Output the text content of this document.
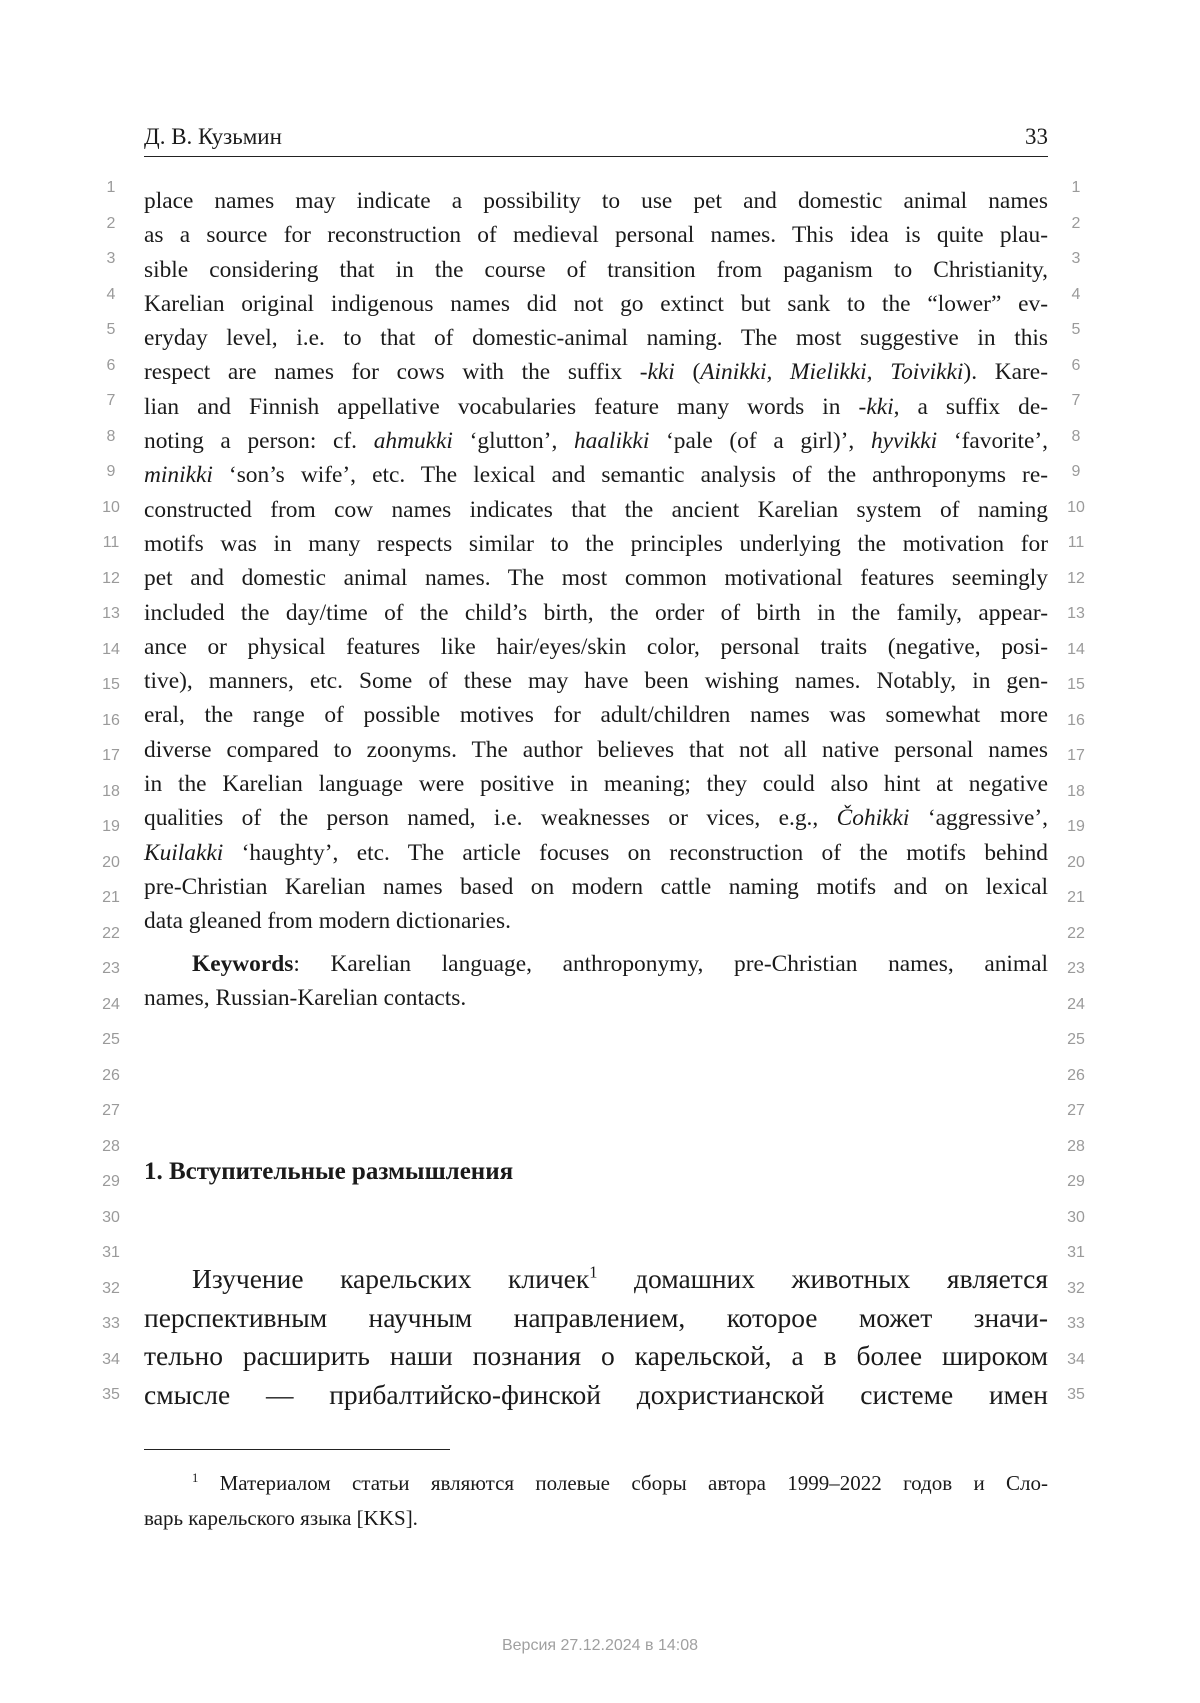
Д. В. Кузьмин	33
1
2
3
4
5
6
7
8
9
10
11
12
13
14
15
16
17
18
19
20
21
22
23
24
25
26
27
28
29
30
31
32
33
34
35
1
2
3
4
5
6
7
8
9
10
11
12
13
14
15
16
17
18
19
20
21
22
23
24
25
26
27
28
29
30
31
32
33
34
35
place names may indicate a possibility to use pet and domestic animal names
as a source for reconstruction of medieval personal names. This idea is quite plau-
sible considering that in the course of transition from paganism to Christianity,
Karelian original indigenous names did not go extinct but sank to the “lower” ev-
eryday level, i.e. to that of domestic-animal naming. The most suggestive in this
respect are names for cows with the suffix -kki (Ainikki, Mielikki, Toivikki). Kare-
lian and Finnish appellative vocabularies feature many words in -kki, a suffix de-
noting a person: cf. ahmukki ‘glutton’, haalikki ‘pale (of a girl)’, hyvikki ‘favorite’,
minikki ‘son’s wife’, etc. The lexical and semantic analysis of the anthroponyms re-
constructed from cow names indicates that the ancient Karelian system of naming
motifs was in many respects similar to the principles underlying the motivation for
pet and domestic animal names. The most common motivational features seemingly
included the day/time of the child’s birth, the order of birth in the family, appear-
ance or physical features like hair/eyes/skin color, personal traits (negative, posi-
tive), manners, etc. Some of these may have been wishing names. Notably, in gen-
eral, the range of possible motives for adult/children names was somewhat more
diverse compared to zoonyms. The author believes that not all native personal names
in the Karelian language were positive in meaning; they could also hint at negative
qualities of the person named, i.e. weaknesses or vices, e.g., Čohikki ‘aggressive’,
Kuilakki ‘haughty’, etc. The article focuses on reconstruction of the motifs behind
pre-Christian Karelian names based on modern cattle naming motifs and on lexical
data gleaned from modern dictionaries.
Keywords: Karelian language, anthroponymy, pre-Christian names, animal
names, Russian-Karelian contacts.
1. Вступительные размышления
Изучение карельских кличек$^1$ домашних животных является
перспективным научным направлением, которое может значи-
тельно расширить наши познания о карельской, а в более широком
смысле — прибалтийско-финской дохристианской системе имен
$^1$ Материалом статьи являются полевые сборы автора 1999–2022 годов и Сло-
варь карельского языка [KKS].
Версия 27.12.2024 в 14:08
